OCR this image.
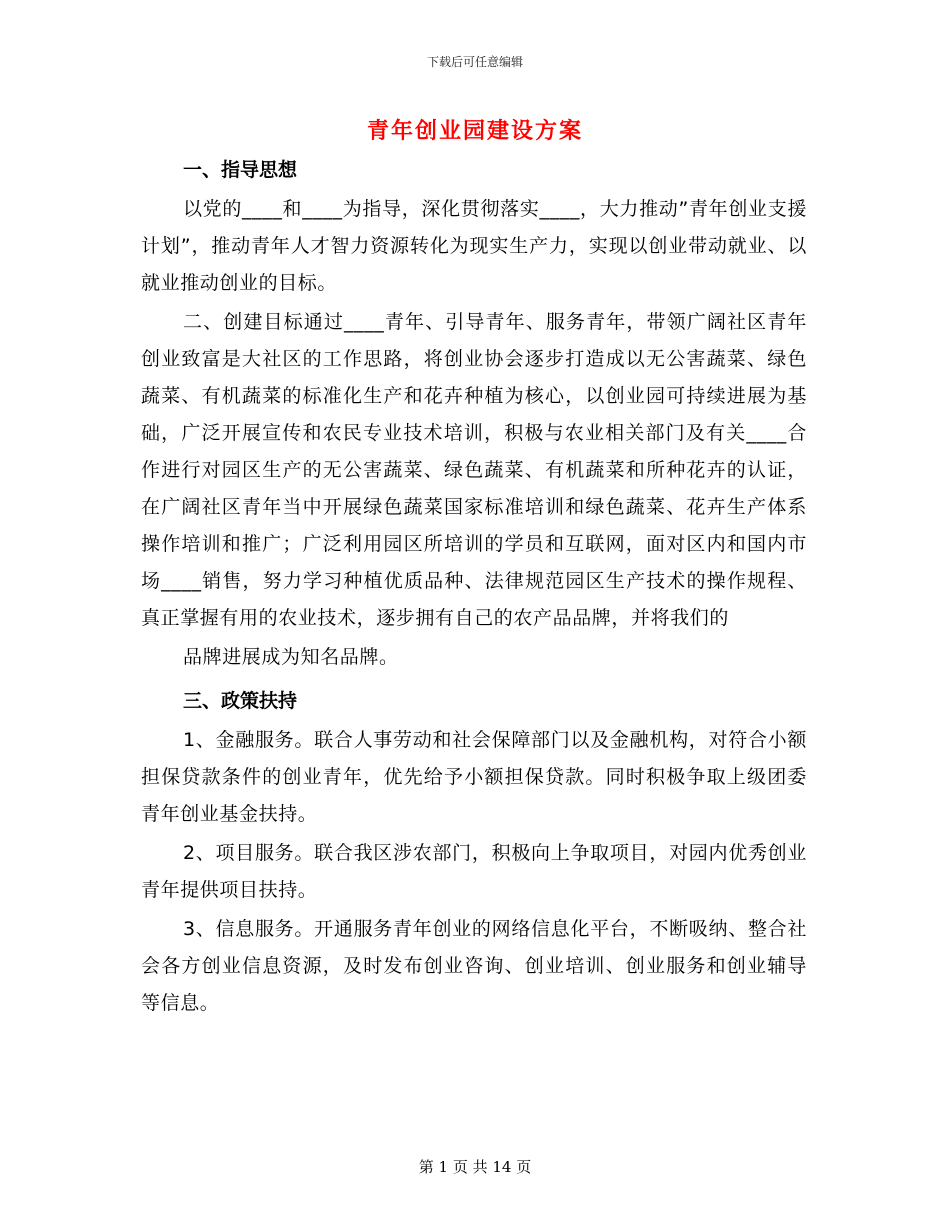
下载后可任意编辑
青年创业园建设方案
一、指导思想

以党的____和____为指导，深化贯彻落实____，大力推动”青年创业支援计划”，推动青年人才智力资源转化为现实生产力，实现以创业带动就业、以就业推动创业的目标。

二、创建目标通过____青年、引导青年、服务青年，带领广阔社区青年创业致富是大社区的工作思路，将创业协会逐步打造成以无公害蔬菜、绿色蔬菜、有机蔬菜的标准化生产和花卉种植为核心，以创业园可持续进展为基础，广泛开展宣传和农民专业技术培训，积极与农业相关部门及有关____合作进行对园区生产的无公害蔬菜、绿色蔬菜、有机蔬菜和所种花卉的认证，在广阔社区青年当中开展绿色蔬菜国家标准培训和绿色蔬菜、花卉生产体系操作培训和推广；广泛利用园区所培训的学员和互联网，面对区内和国内市场____销售，努力学习种植优质品种、法律规范园区生产技术的操作规程、真正掌握有用的农业技术，逐步拥有自己的农产品品牌，并将我们的

品牌进展成为知名品牌。

三、政策扶持

1、金融服务。联合人事劳动和社会保障部门以及金融机构，对符合小额担保贷款条件的创业青年，优先给予小额担保贷款。同时积极争取上级团委青年创业基金扶持。

2、项目服务。联合我区涉农部门，积极向上争取项目，对园内优秀创业青年提供项目扶持。

3、信息服务。开通服务青年创业的网络信息化平台，不断吸纳、整合社会各方创业信息资源，及时发布创业咨询、创业培训、创业服务和创业辅导等信息。

第 1 页 共 14 页
